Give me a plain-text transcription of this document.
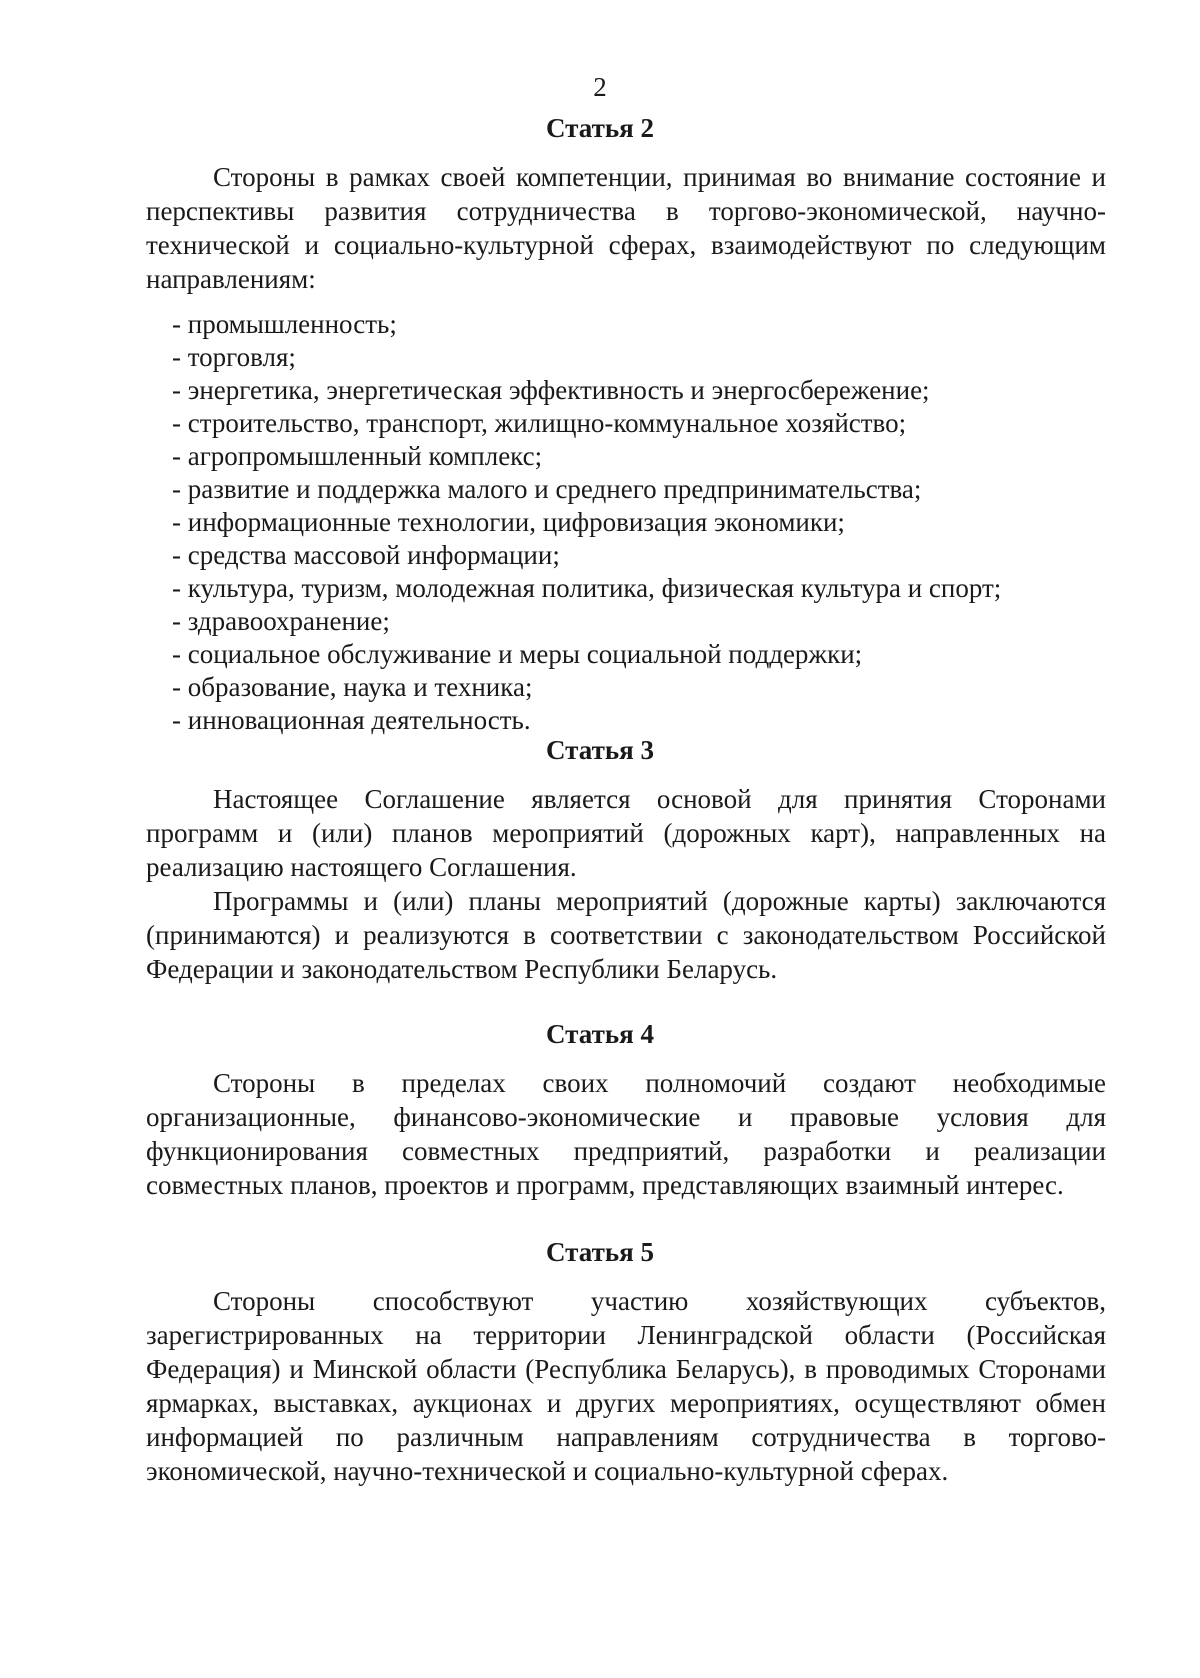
2
Статья 2
Стороны в рамках своей компетенции, принимая во внимание состояние и перспективы развития сотрудничества в торгово-экономической, научно-технической и социально-культурной сферах, взаимодействуют по следующим направлениям:
- промышленность;
- торговля;
- энергетика, энергетическая эффективность и энергосбережение;
- строительство, транспорт, жилищно-коммунальное хозяйство;
- агропромышленный комплекс;
- развитие и поддержка малого и среднего предпринимательства;
- информационные технологии, цифровизация экономики;
- средства массовой информации;
- культура, туризм, молодежная политика, физическая культура и спорт;
- здравоохранение;
- социальное обслуживание и меры социальной поддержки;
- образование, наука и техника;
- инновационная деятельность.
Статья 3
Настоящее Соглашение является основой для принятия Сторонами программ и (или) планов мероприятий (дорожных карт), направленных на реализацию настоящего Соглашения.
Программы и (или) планы мероприятий (дорожные карты) заключаются (принимаются) и реализуются в соответствии с законодательством Российской Федерации и законодательством Республики Беларусь.
Статья 4
Стороны в пределах своих полномочий создают необходимые организационные, финансово-экономические и правовые условия для функционирования совместных предприятий, разработки и реализации совместных планов, проектов и программ, представляющих взаимный интерес.
Статья 5
Стороны способствуют участию хозяйствующих субъектов, зарегистрированных на территории Ленинградской области (Российская Федерация) и Минской области (Республика Беларусь), в проводимых Сторонами ярмарках, выставках, аукционах и других мероприятиях, осуществляют обмен информацией по различным направлениям сотрудничества в торгово-экономической, научно-технической и социально-культурной сферах.
